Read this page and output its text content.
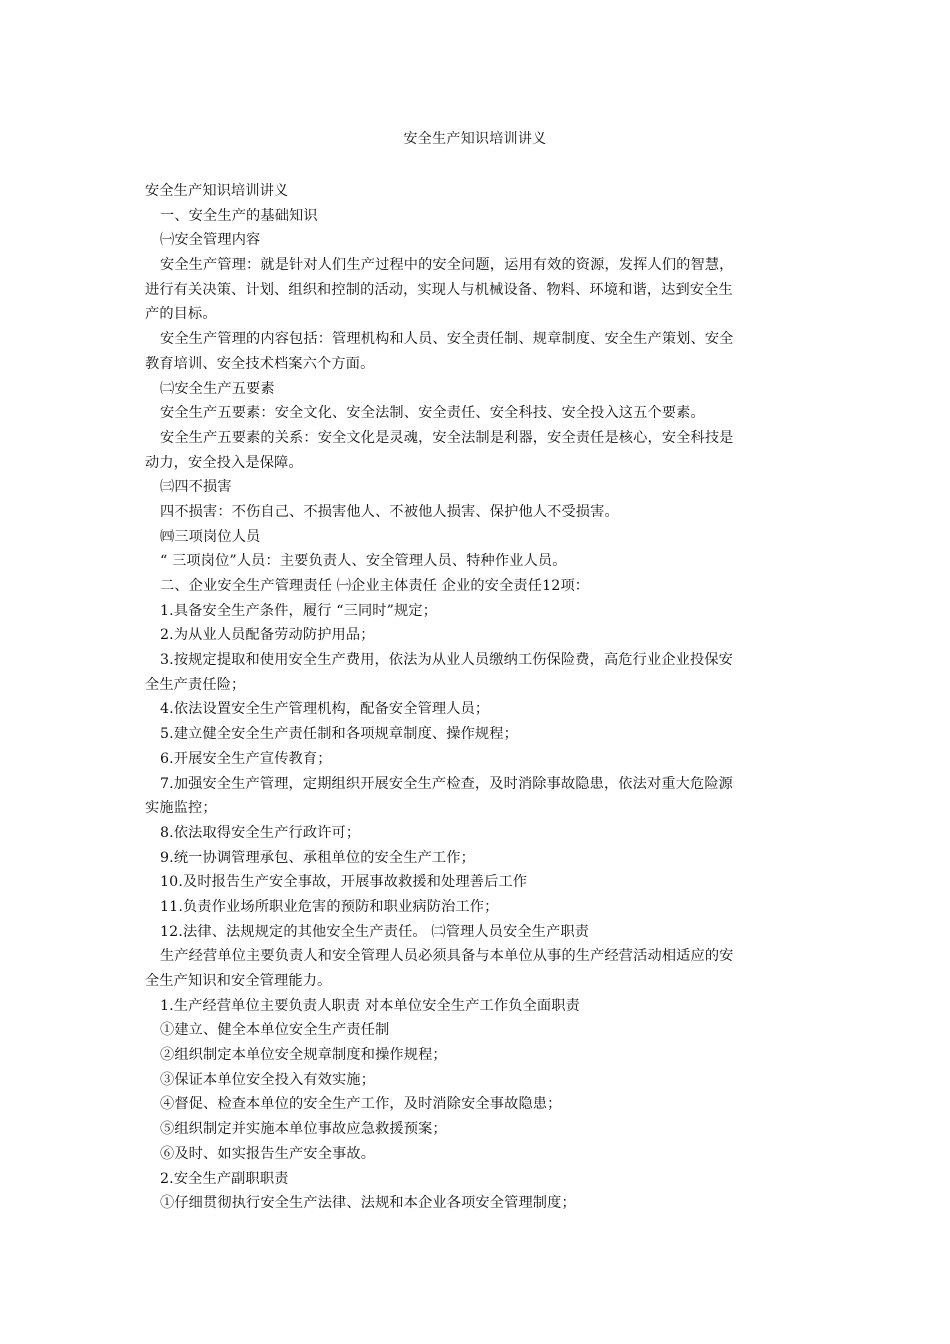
安全生产知识培训讲义
安全生产知识培训讲义
一、安全生产的基础知识
㈠安全管理内容
安全生产管理：就是针对人们生产过程中的安全问题，运用有效的资源，发挥人们的智慧，
进行有关决策、计划、组织和控制的活动，实现人与机械设备、物料、环境和谐，达到安全生
产的目标。
安全生产管理的内容包括：管理机构和人员、安全责任制、规章制度、安全生产策划、安全
教育培训、安全技术档案六个方面。
㈡安全生产五要素
安全生产五要素：安全文化、安全法制、安全责任、安全科技、安全投入这五个要素。
安全生产五要素的关系：安全文化是灵魂，安全法制是利器，安全责任是核心，安全科技是
动力，安全投入是保障。
㈢四不损害
四不损害：不伤自己、不损害他人、不被他人损害、保护他人不受损害。
㈣三项岗位人员
“ 三项岗位”人员：主要负责人、安全管理人员、特种作业人员。
二、企业安全生产管理责任 ㈠企业主体责任 企业的安全责任12项：
1.具备安全生产条件，履行 “三同时”规定；
2.为从业人员配备劳动防护用品；
3.按规定提取和使用安全生产费用，依法为从业人员缴纳工伤保险费，高危行业企业投保安
全生产责任险；
4.依法设置安全生产管理机构，配备安全管理人员；
5.建立健全安全生产责任制和各项规章制度、操作规程；
6.开展安全生产宣传教育；
7.加强安全生产管理，定期组织开展安全生产检查，及时消除事故隐患，依法对重大危险源
实施监控；
8.依法取得安全生产行政许可；
9.统一协调管理承包、承租单位的安全生产工作；
10.及时报告生产安全事故，开展事故救援和处理善后工作
11.负责作业场所职业危害的预防和职业病防治工作；
12.法律、法规规定的其他安全生产责任。 ㈡管理人员安全生产职责
生产经营单位主要负责人和安全管理人员必须具备与本单位从事的生产经营活动相适应的安
全生产知识和安全管理能力。
1.生产经营单位主要负责人职责 对本单位安全生产工作负全面职责
①建立、健全本单位安全生产责任制
②组织制定本单位安全规章制度和操作规程；
③保证本单位安全投入有效实施；
④督促、检查本单位的安全生产工作，及时消除安全事故隐患；
⑤组织制定并实施本单位事故应急救援预案；
⑥及时、如实报告生产安全事故。
2.安全生产副职职责
①仔细贯彻执行安全生产法律、法规和本企业各项安全管理制度；
